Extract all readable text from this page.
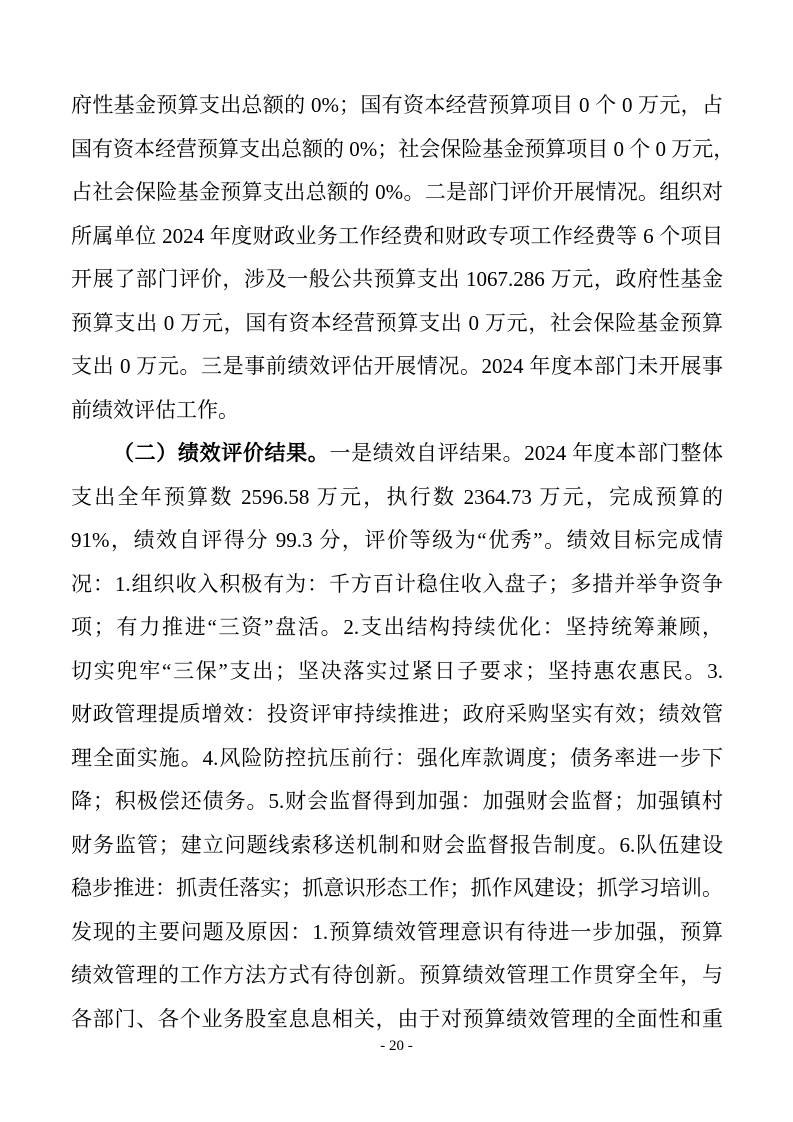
府性基金预算支出总额的 0%；国有资本经营预算项目 0 个 0 万元，占
国有资本经营预算支出总额的 0%；社会保险基金预算项目 0 个 0 万元，
占社会保险基金预算支出总额的 0%。二是部门评价开展情况。组织对
所属单位 2024 年度财政业务工作经费和财政专项工作经费等 6 个项目
开展了部门评价，涉及一般公共预算支出 1067.286 万元，政府性基金
预算支出 0 万元，国有资本经营预算支出 0 万元，社会保险基金预算
支出 0 万元。三是事前绩效评估开展情况。2024 年度本部门未开展事
前绩效评估工作。
（二）绩效评价结果。一是绩效自评结果。2024 年度本部门整体
支出全年预算数 2596.58 万元，执行数 2364.73 万元，完成预算的
91%，绩效自评得分 99.3 分，评价等级为“优秀”。绩效目标完成情
况：1.组织收入积极有为：千方百计稳住收入盘子；多措并举争资争
项；有力推进“三资”盘活。2.支出结构持续优化：坚持统筹兼顾，
切实兜牢“三保”支出；坚决落实过紧日子要求；坚持惠农惠民。3.
财政管理提质增效：投资评审持续推进；政府采购坚实有效；绩效管
理全面实施。4.风险防控抗压前行：强化库款调度；债务率进一步下
降；积极偿还债务。5.财会监督得到加强：加强财会监督；加强镇村
财务监管；建立问题线索移送机制和财会监督报告制度。6.队伍建设
稳步推进：抓责任落实；抓意识形态工作；抓作风建设；抓学习培训。
发现的主要问题及原因：1.预算绩效管理意识有待进一步加强，预算
绩效管理的工作方法方式有待创新。预算绩效管理工作贯穿全年，与
各部门、各个业务股室息息相关，由于对预算绩效管理的全面性和重
- 20 -
